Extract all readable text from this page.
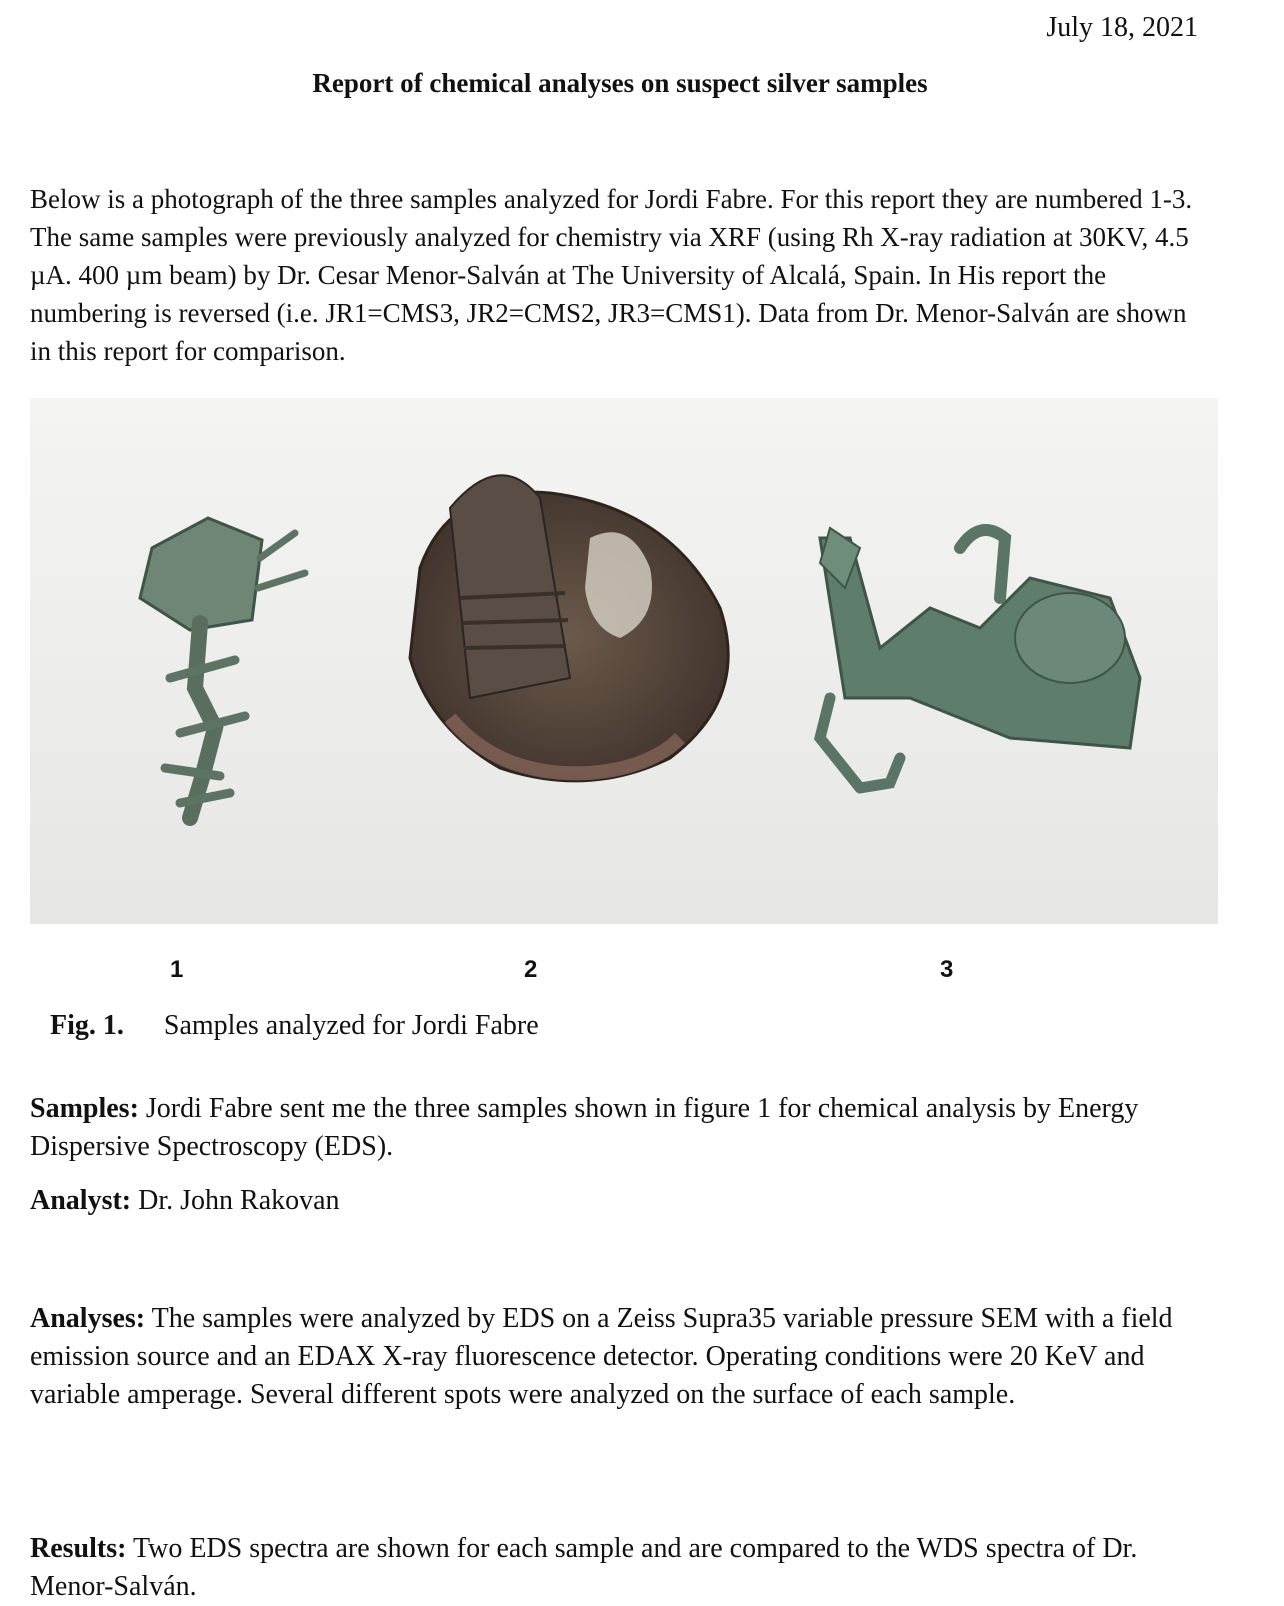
July 18, 2021
Report of chemical analyses on suspect silver samples

Below is a photograph of the three samples analyzed for Jordi Fabre. For this report they are numbered 1-3. The same samples were previously analyzed for chemistry via XRF (using Rh X-ray radiation at 30KV, 4.5 µA. 400 µm beam) by Dr. Cesar Menor-Salván at The University of Alcalá, Spain. In His report the numbering is reversed (i.e. JR1=CMS3, JR2=CMS2, JR3=CMS1). Data from Dr. Menor-Salván are shown in this report for comparison.

1	2	3
Fig. 1. Samples analyzed for Jordi Fabre

Samples: Jordi Fabre sent me the three samples shown in figure 1 for chemical analysis by Energy Dispersive Spectroscopy (EDS).

Analyst: Dr. John Rakovan

Analyses: The samples were analyzed by EDS on a Zeiss Supra35 variable pressure SEM with a field emission source and an EDAX X-ray fluorescence detector. Operating conditions were 20 KeV and variable amperage. Several different spots were analyzed on the surface of each sample.

Results: Two EDS spectra are shown for each sample and are compared to the WDS spectra of Dr. Menor-Salván.
